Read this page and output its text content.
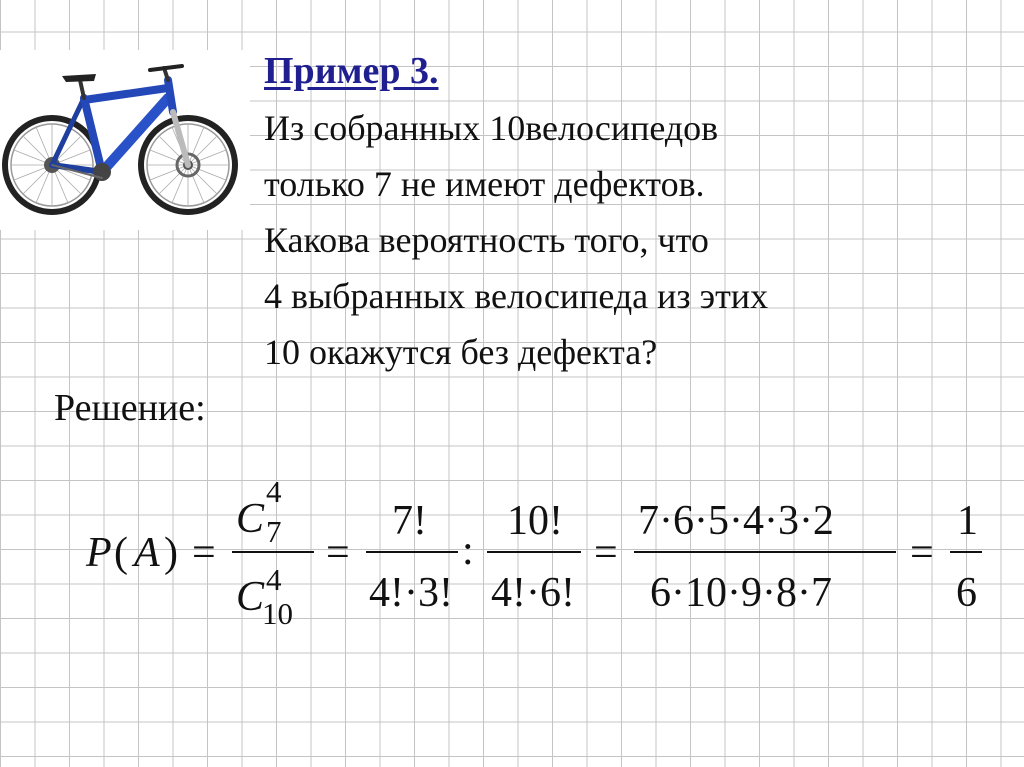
Пример 3.
Из собранных 10велосипедов
только 7 не имеют дефектов.
Какова вероятность того, что
4 выбранных велосипеда из этих
10 окажутся без дефекта?
Решение:
P ( A ) =
C
4
7
C 4
10
=
7!
4!·3!
:
10!
4!·6!
=
7·6·5·4·3·2
6·10·9·8·7
=
1
6
